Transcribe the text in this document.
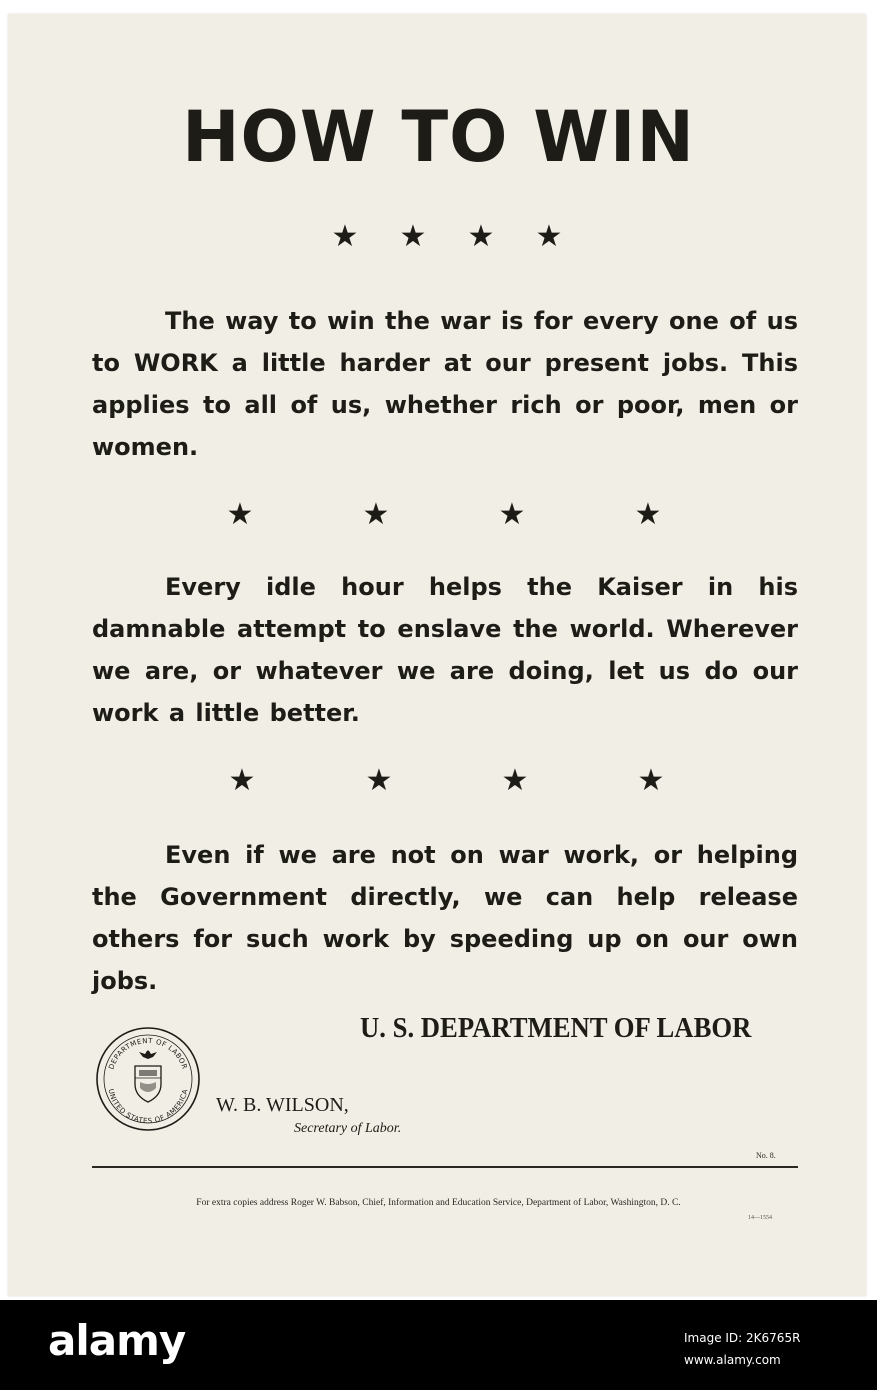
HOW TO WIN
★ ★ ★ ★
The way to win the war is for every one of us to WORK a little harder at our present jobs. This applies to all of us, whether rich or poor, men or women.
★	★	★	★
Every idle hour helps the Kaiser in his damnable attempt to enslave the world. Wherever we are, or whatever we are doing, let us do our work a little better.
★	★	★	★
Even if we are not on war work, or helping the Government directly, we can help release others for such work by speeding up on our own jobs.
U. S. DEPARTMENT OF LABOR
DEPARTMENT OF LABOR
UNITED STATES OF AMERICA
W. B. WILSON,
Secretary of Labor.
No. 8.
For extra copies address Roger W. Babson, Chief, Information and Education Service, Department of Labor, Washington, D. C.
14—1554
alamy	Image ID: 2K6765R
www.alamy.com
